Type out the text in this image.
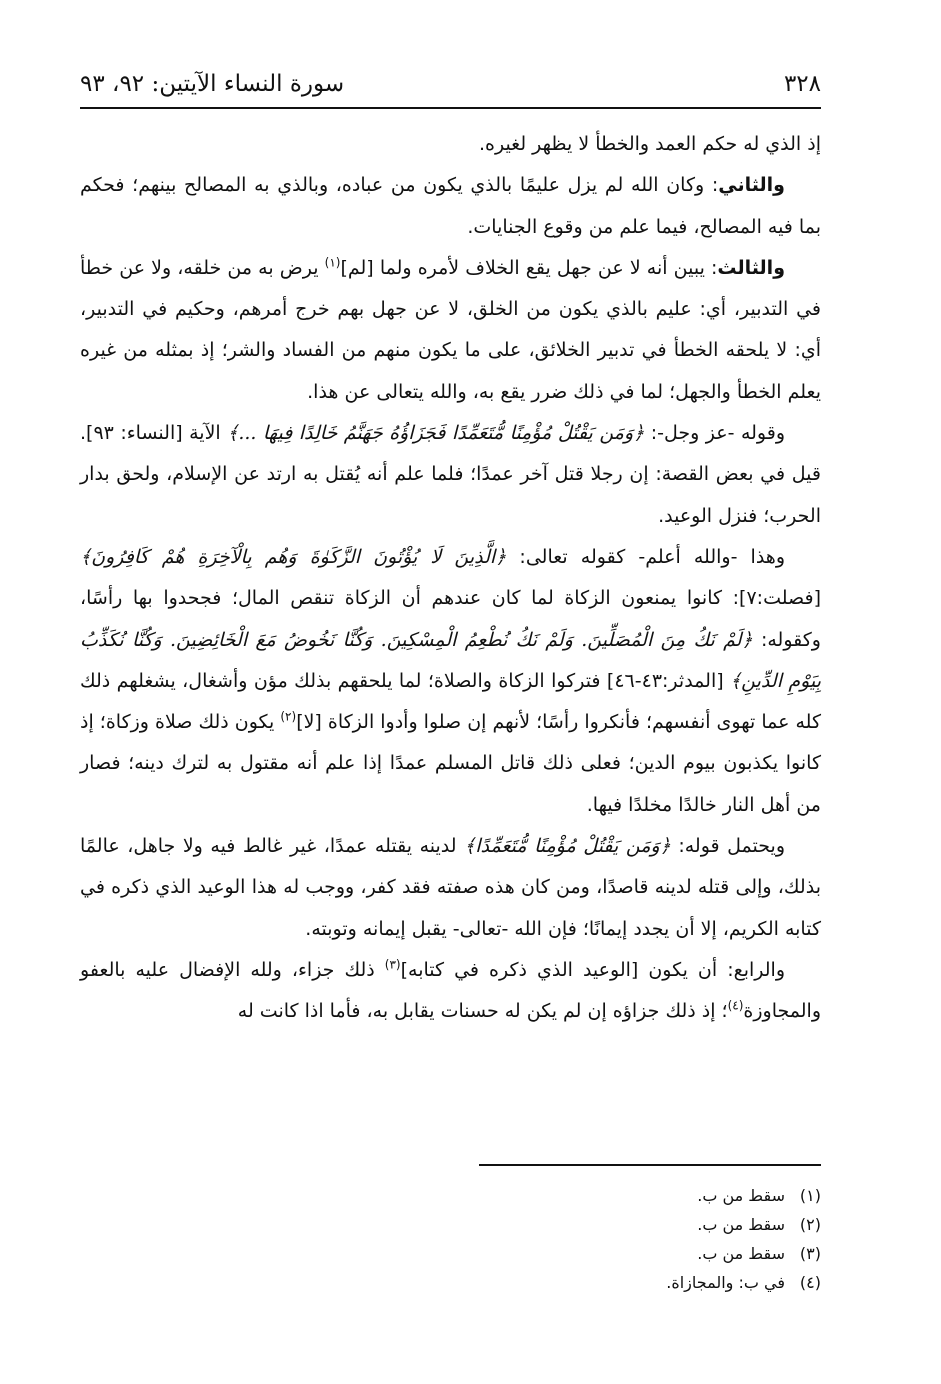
٣٢٨
سورة النساء الآيتين: ٩٢، ٩٣

إذ الذي له حكم العمد والخطأ لا يظهر لغيره.

والثاني: وكان الله لم يزل عليمًا بالذي يكون من عباده، وبالذي به المصالح بينهم؛ فحكم بما فيه المصالح، فيما علم من وقوع الجنايات.

والثالث: يبين أنه لا عن جهل يقع الخلاف لأمره ولما [لم]$^{(١)}$ يرض به من خلقه، ولا عن خطأ في التدبير، أي: عليم بالذي يكون من الخلق، لا عن جهل بهم خرج أمرهم، وحكيم في التدبير، أي: لا يلحقه الخطأ في تدبير الخلائق، على ما يكون منهم من الفساد والشر؛ إذ بمثله من غيره يعلم الخطأ والجهل؛ لما في ذلك ضرر يقع به، والله يتعالى عن هذا.

وقوله -عز وجل-: ﴿وَمَن يَقْتُلْ مُؤْمِنًا مُّتَعَمِّدًا فَجَزَاؤُهُ جَهَنَّمُ خَالِدًا فِيهَا ...﴾ الآية [النساء: ٩٣]. قيل في بعض القصة: إن رجلا قتل آخر عمدًا؛ فلما علم أنه يُقتل به ارتد عن الإسلام، ولحق بدار الحرب؛ فنزل الوعيد.

وهذا -والله أعلم- كقوله تعالى: ﴿الَّذِينَ لَا يُؤْتُونَ الزَّكَوٰةَ وَهُم بِالْآخِرَةِ هُمْ كَافِرُونَ﴾ [فصلت:٧]: كانوا يمنعون الزكاة لما كان عندهم أن الزكاة تنقص المال؛ فجحدوا بها رأسًا، وكقوله: ﴿لَمْ نَكُ مِنَ الْمُصَلِّينَ. وَلَمْ نَكُ نُطْعِمُ الْمِسْكِينَ. وَكُنَّا نَخُوضُ مَعَ الْخَائِضِينَ. وَكُنَّا نُكَذِّبُ بِيَوْمِ الدِّينِ﴾ [المدثر:٤٣-٤٦] فتركوا الزكاة والصلاة؛ لما يلحقهم بذلك مؤن وأشغال، يشغلهم ذلك كله عما تهوى أنفسهم؛ فأنكروا رأسًا؛ لأنهم إن صلوا وأدوا الزكاة [لا]$^{(٢)}$ يكون ذلك صلاة وزكاة؛ إذ كانوا يكذبون بيوم الدين؛ فعلى ذلك قاتل المسلم عمدًا إذا علم أنه مقتول به لترك دينه؛ فصار من أهل النار خالدًا مخلدًا فيها.

ويحتمل قوله: ﴿وَمَن يَقْتُلْ مُؤْمِنًا مُّتَعَمِّدًا﴾ لدينه يقتله عمدًا، غير غالط فيه ولا جاهل، عالمًا بذلك، وإلى قتله لدينه قاصدًا، ومن كان هذه صفته فقد كفر، ووجب له هذا الوعيد الذي ذكره في كتابه الكريم، إلا أن يجدد إيمانًا؛ فإن الله -تعالى- يقبل إيمانه وتوبته.

والرابع: أن يكون [الوعيد الذي ذكره في كتابه]$^{(٣)}$ ذلك جزاء، ولله الإفضال عليه بالعفو والمجاوزة$^{(٤)}$؛ إذ ذلك جزاؤه إن لم يكن له حسنات يقابل به، فأما اذا كانت له

(١)
سقط من ب.
(٢)
سقط من ب.
(٣)
سقط من ب.
(٤)
في ب: والمجازاة.
